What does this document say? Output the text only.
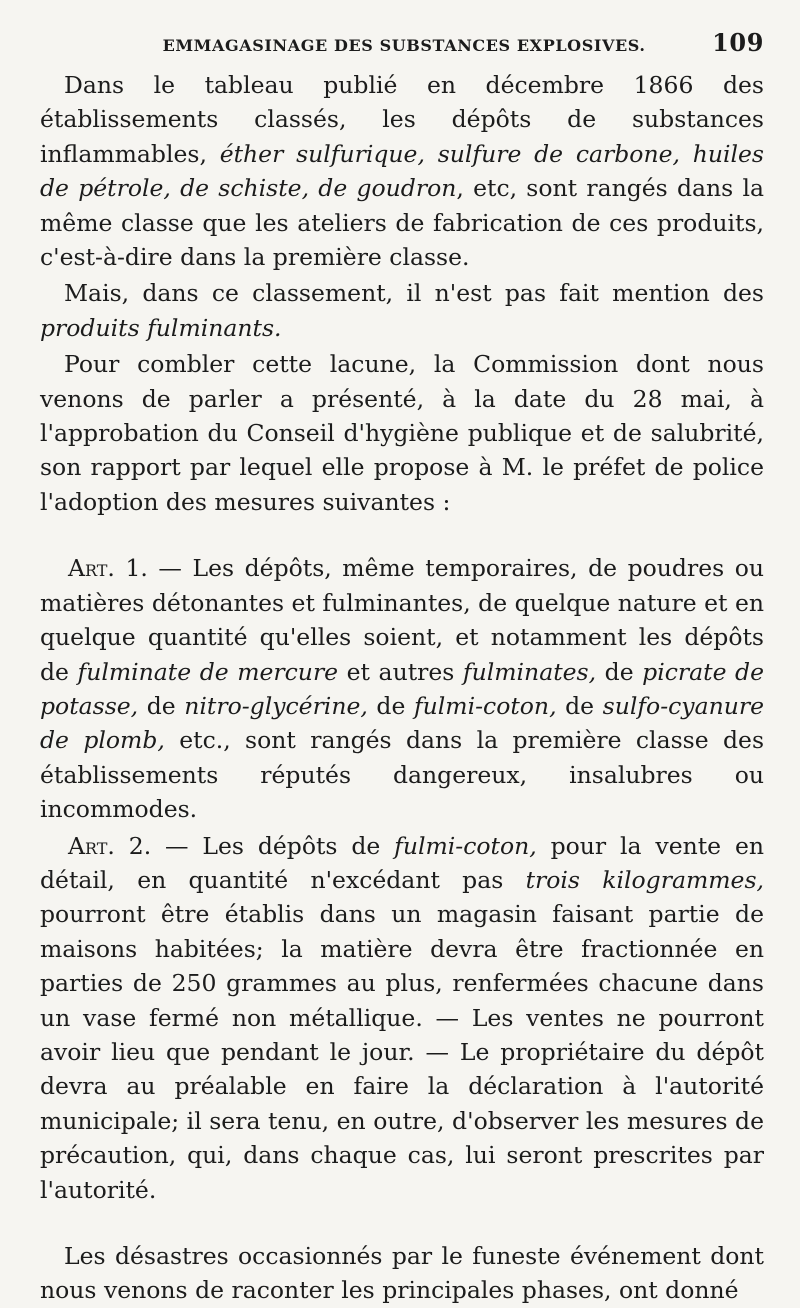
EMMAGASINAGE DES SUBSTANCES EXPLOSIVES.	109

Dans le tableau publié en décembre 1866 des établissements classés, les dépôts de substances inflammables, éther sulfurique, sulfure de carbone, huiles de pétrole, de schiste, de goudron, etc, sont rangés dans la même classe que les ateliers de fabrication de ces produits, c'est-à-dire dans la première classe.

Mais, dans ce classement, il n'est pas fait mention des produits fulminants.

Pour combler cette lacune, la Commission dont nous venons de parler a présenté, à la date du 28 mai, à l'approbation du Conseil d'hygiène publique et de salubrité, son rapport par lequel elle propose à M. le préfet de police l'adoption des mesures suivantes :

Art. 1. — Les dépôts, même temporaires, de poudres ou matières détonantes et fulminantes, de quelque nature et en quelque quantité qu'elles soient, et notamment les dépôts de fulminate de mercure et autres fulminates, de picrate de potasse, de nitro-glycérine, de fulmi-coton, de sulfo-cyanure de plomb, etc., sont rangés dans la première classe des établissements réputés dangereux, insalubres ou incommodes.

Art. 2. — Les dépôts de fulmi-coton, pour la vente en détail, en quantité n'excédant pas trois kilogrammes, pourront être établis dans un magasin faisant partie de maisons habitées; la matière devra être fractionnée en parties de 250 grammes au plus, renfermées chacune dans un vase fermé non métallique. — Les ventes ne pourront avoir lieu que pendant le jour. — Le propriétaire du dépôt devra au préalable en faire la déclaration à l'autorité municipale; il sera tenu, en outre, d'observer les mesures de précaution, qui, dans chaque cas, lui seront prescrites par l'autorité.

Les désastres occasionnés par le funeste événement dont nous venons de raconter les principales phases, ont donné
